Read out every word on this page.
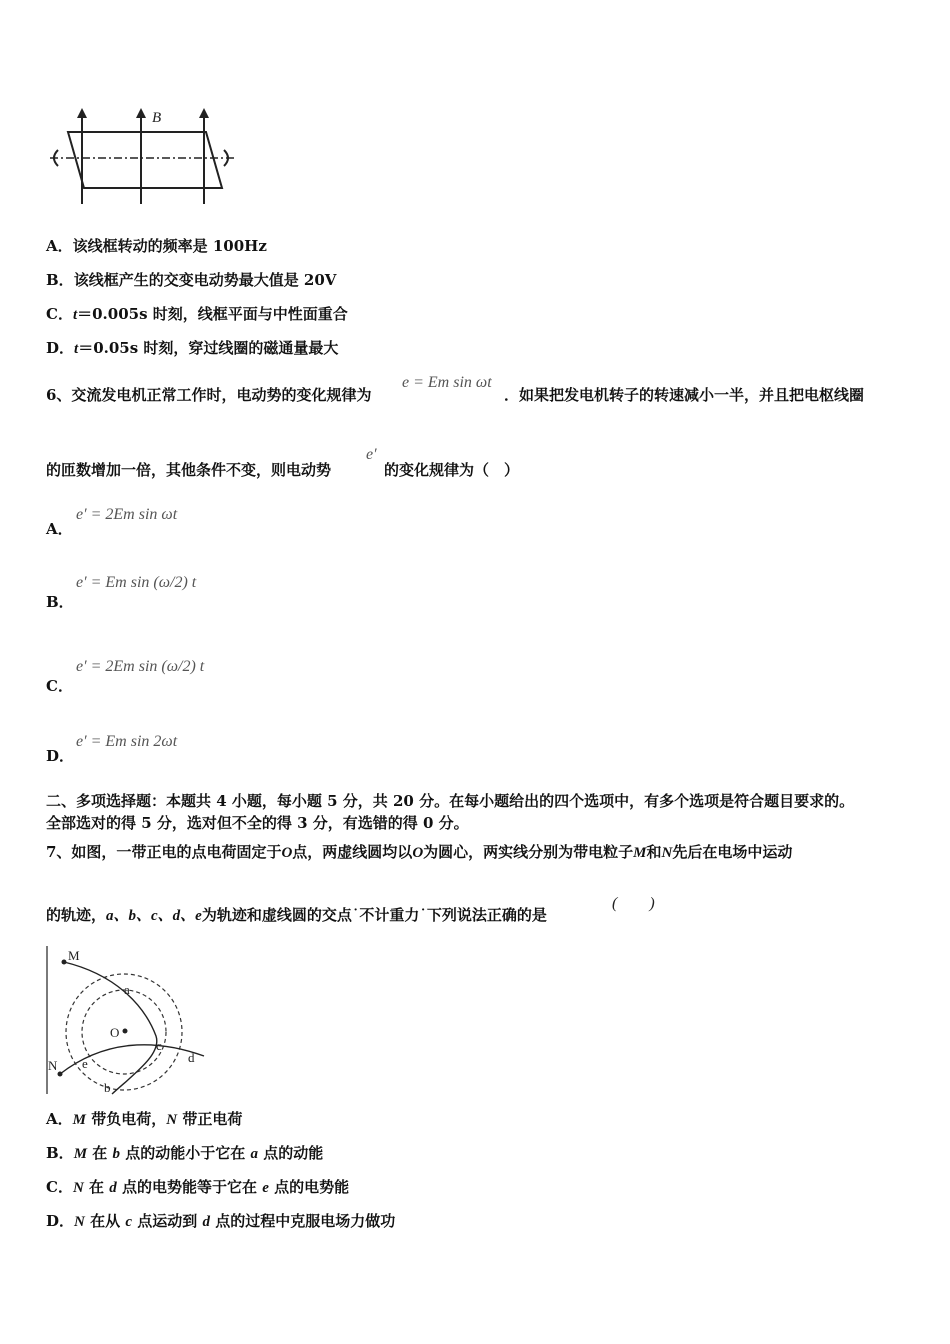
B
A．该线框转动的频率是 100Hz
B．该线框产生的交变电动势最大值是 20V
C．t＝0.005s 时刻，线框平面与中性面重合
D．t＝0.05s 时刻，穿过线圈的磁通量最大
6、交流发电机正常工作时，电动势的变化规律为
e = Em sin ωt
．如果把发电机转子的转速减小一半，并且把电枢线圈
的匝数增加一倍，其他条件不变，则电动势
e′
的变化规律为（　）
A．
e′ = 2Em sin ωt
B．
e′ = Em sin (ω/2) t
C．
e′ = 2Em sin (ω/2) t
D．
e′ = Em sin 2ωt
二、多项选择题：本题共 4 小题，每小题 5 分，共 20 分。在每小题给出的四个选项中，有多个选项是符合题目要求的。
全部选对的得 5 分，选对但不全的得 3 分，有选错的得 0 分。
7、如图，一带正电的点电荷固定于O点，两虚线圆均以O为圆心，两实线分别为带电粒子M和N先后在电场中运动
的轨迹，a、b、c、d、e为轨迹和虚线圆的交点˙不计重力˙下列说法正确的是
(　　)
M
N
a
O
c
d
e
b
A．M 带负电荷，N 带正电荷
B．M 在 b 点的动能小于它在 a 点的动能
C．N 在 d 点的电势能等于它在 e 点的电势能
D．N 在从 c 点运动到 d 点的过程中克服电场力做功
